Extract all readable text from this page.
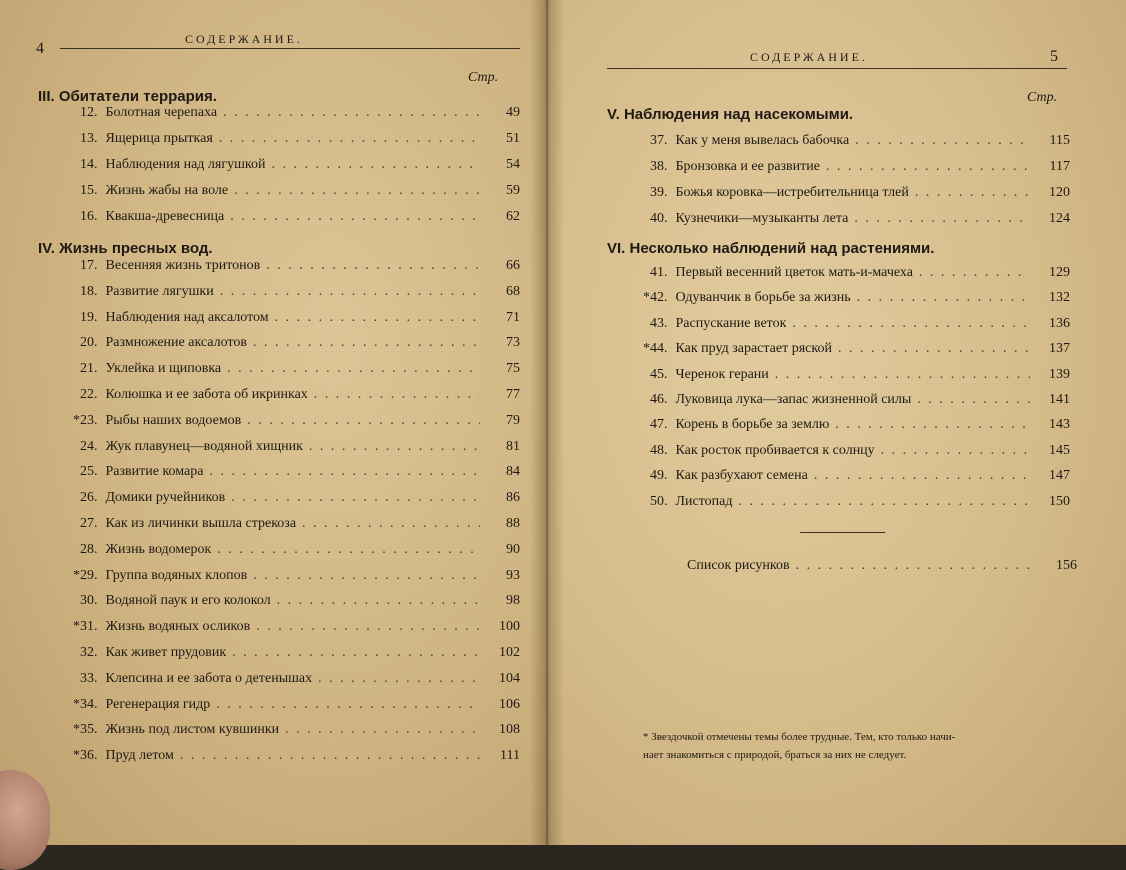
4
СОДЕРЖАНИЕ.
Стр.
III. Обитатели террария.
12. Болотная черепаха . . .	49
13. Ящерица прыткая . . .	51
14. Наблюдения над лягушкой . . .	54
15. Жизнь жабы на воле . . .	59
16. Квакша-древесница . . .	62
IV. Жизнь пресных вод.
17. Весенняя жизнь тритонов . . .	66
18. Развитие лягушки . . .	68
19. Наблюдения над аксалотом . . .	71
20. Размножение аксалотов . . .	73
21. Уклейка и щиповка . . .	75
22. Колюшка и ее забота об икринках . . .	77
* 23. Рыбы наших водоемов . . .	79
24. Жук плавунец—водяной хищник . . .	81
25. Развитие комара . . .	84
26. Домики ручейников . . .	86
27. Как из личинки вышла стрекоза . . .	88
28. Жизнь водомерок . . .	90
* 29. Группа водяных клопов . . .	93
30. Водяной паук и его колокол . . .	98
* 31. Жизнь водяных осликов . . .	100
32. Как живет прудовик . . .	102
33. Клепсина и ее забота о детенышах . . .	104
* 34. Регенерация гидр . . .	106
* 35. Жизнь под листом кувшинки . . .	108
* 36. Пруд летом . . .	111
СОДЕРЖАНИЕ.	5
Стр.
V. Наблюдения над насекомыми.
37. Как у меня вывелась бабочка . . .	115
38. Бронзовка и ее развитие . . .	117
39. Божья коровка—истребительница тлей . . .	120
40. Кузнечики—музыканты лета . . .	124
VI. Несколько наблюдений над растениями.
41. Первый весенний цветок мать-и-мачеха . . .	129
* 42. Одуванчик в борьбе за жизнь . . .	132
43. Распускание веток . . .	136
* 44. Как пруд зарастает ряской . . .	137
45. Черенок герани . . .	139
46. Луковица лука—запас жизненной силы . . .	141
47. Корень в борьбе за землю . . .	143
48. Как росток пробивается к солнцу . . .	145
49. Как разбухают семена . . .	147
50. Листопад . . .	150
Список рисунков . . .	156
* Звездочкой отмечены темы более трудные. Тем, кто только начи-
нает знакомиться с природой, браться за них не следует.
